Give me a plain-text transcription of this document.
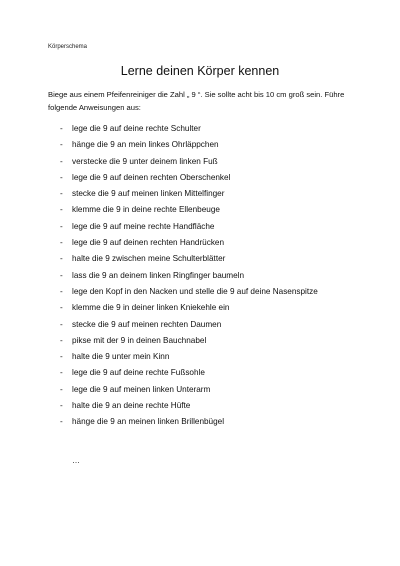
Körperschema
Lerne deinen Körper kennen
Biege aus einem Pfeifenreiniger die Zahl „ 9 “. Sie sollte acht bis 10 cm groß sein. Führe folgende Anweisungen aus:
- lege die 9 auf deine rechte Schulter
- hänge die 9 an mein linkes Ohrläppchen
- verstecke die 9 unter deinem linken Fuß
- lege die 9 auf deinen rechten Oberschenkel
- stecke die 9 auf meinen linken Mittelfinger
- klemme die 9 in deine rechte Ellenbeuge
- lege die 9 auf meine rechte Handfläche
- lege die 9 auf deinen rechten Handrücken
- halte die 9 zwischen meine Schulterblätter
- lass die 9 an deinem linken Ringfinger baumeln
- lege den Kopf in den Nacken und stelle die 9 auf deine Nasenspitze
- klemme die 9 in deiner linken Kniekehle ein
- stecke die 9 auf meinen rechten Daumen
- pikse mit der 9 in deinen Bauchnabel
- halte die 9 unter mein Kinn
- lege die 9 auf deine rechte Fußsohle
- lege die 9 auf meinen linken Unterarm
- halte die 9 an deine rechte Hüfte
- hänge die 9 an meinen linken Brillenbügel
…
